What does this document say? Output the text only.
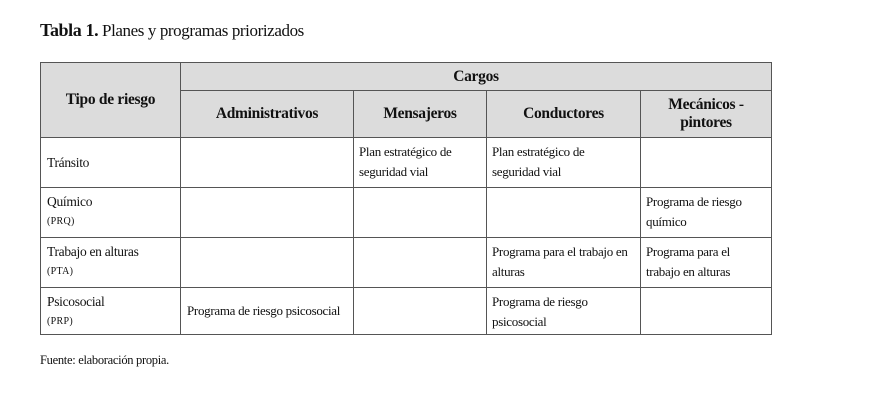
Tabla 1. Planes y programas priorizados
Tipo de riesgo	Cargos			
	Administrativos	Mensajeros	Conductores	Mecánicos - pintores

Tránsito		Plan estratégico de seguridad vial	Plan estratégico de seguridad vial	

Químico
(PRQ)				Programa de riesgo químico

Trabajo en alturas
(PTA)			Programa para el trabajo en alturas	Programa para el trabajo en alturas

Psicosocial
(PRP)	Programa de riesgo psicosocial		Programa de riesgo psicosocial	
Fuente: elaboración propia.
